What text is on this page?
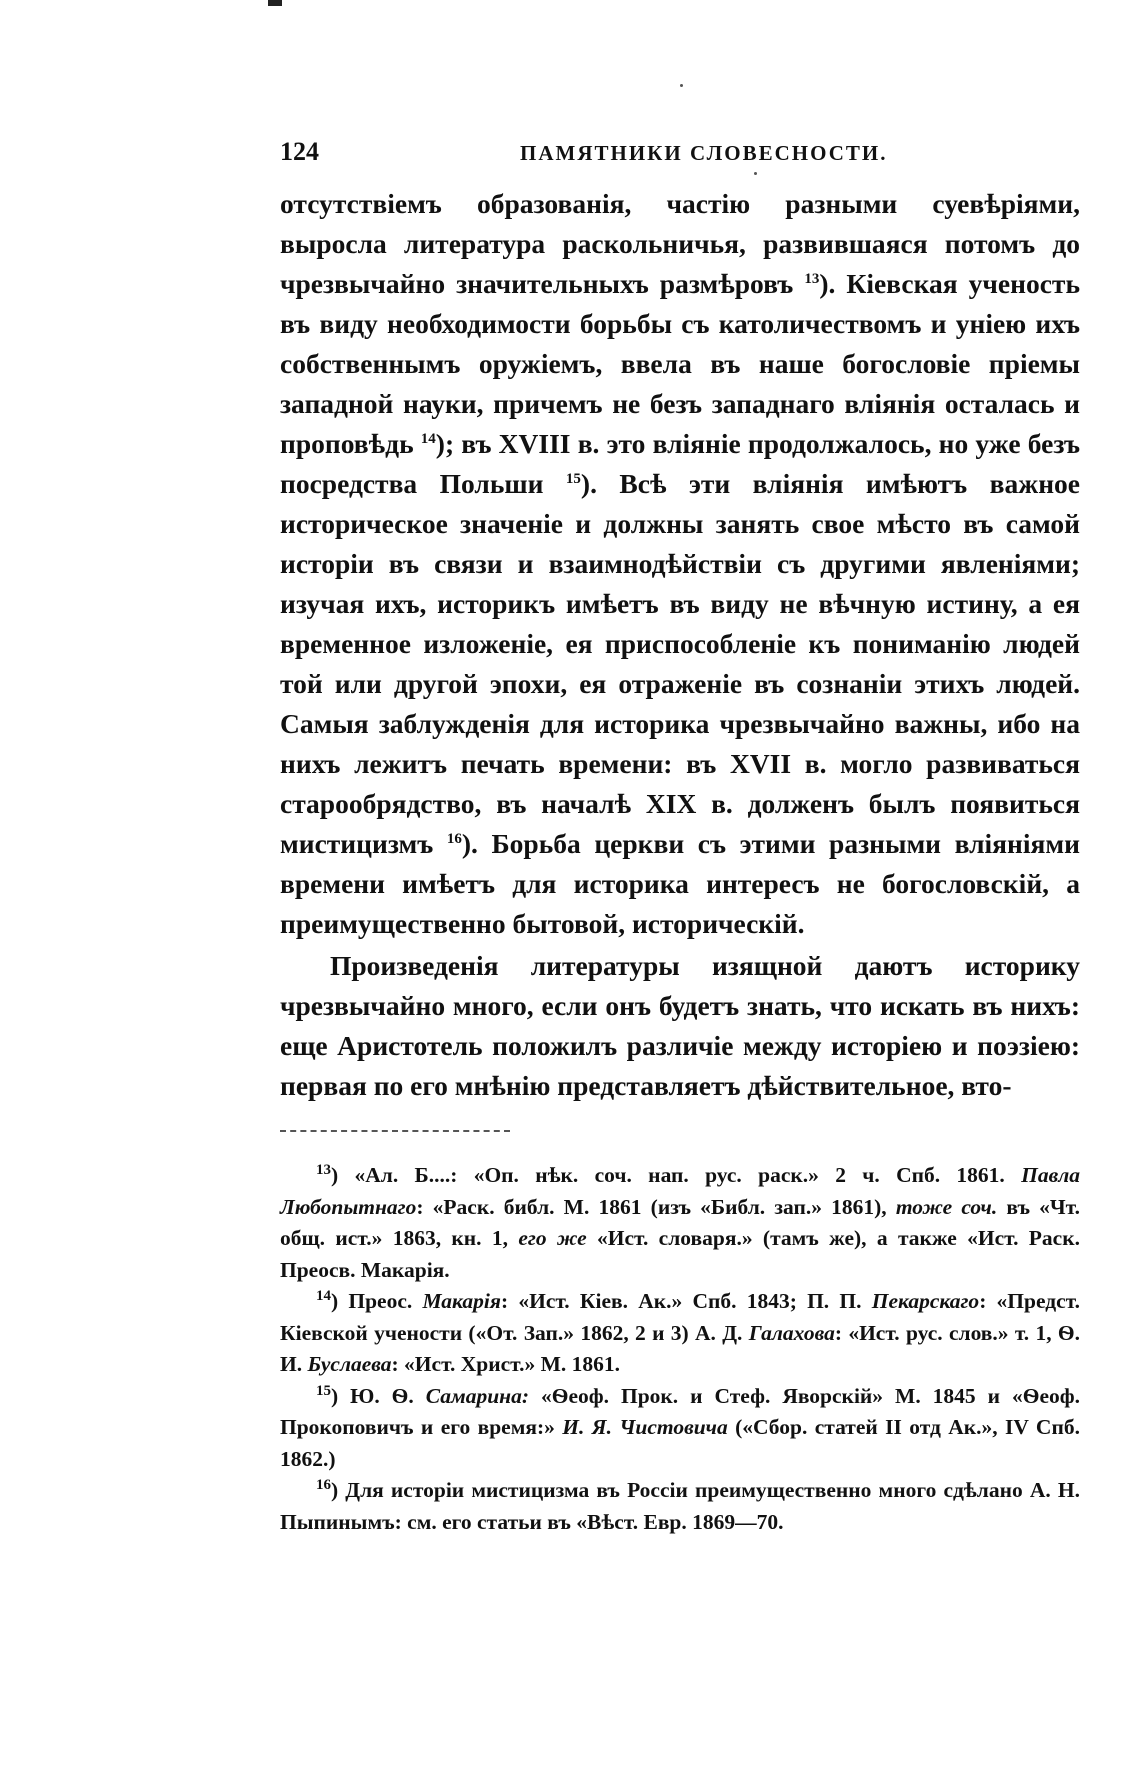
124	ПАМЯТНИКИ СЛОВЕСНОСТИ.

отсутствіемъ образованія, частію разными суевѣріями, выросла литература раскольничья, развившаяся потомъ до чрезвычайно значительныхъ размѣровъ $^{13}$). Кіевская ученость въ виду необходимости борьбы съ католичествомъ и уніею ихъ собственнымъ оружіемъ, ввела въ наше богословіе пріемы западной науки, причемъ не безъ западнаго вліянія осталась и проповѣдь $^{14}$); въ XVIII в. это вліяніе продолжалось, но уже безъ посредства Польши $^{15}$). Всѣ эти вліянія имѣютъ важное историческое значеніе и должны занять свое мѣсто въ самой исторіи въ связи и взаимнодѣйствіи съ другими явленіями; изучая ихъ, историкъ имѣетъ въ виду не вѣчную истину, а ея временное изложеніе, ея приспособленіе къ пониманію людей той или другой эпохи, ея отраженіе въ сознаніи этихъ людей. Самыя заблужденія для историка чрезвычайно важны, ибо на нихъ лежитъ печать времени: въ XVII в. могло развиваться старообрядство, въ началѣ XIX в. долженъ былъ появиться мистицизмъ $^{16}$). Борьба церкви съ этими разными вліяніями времени имѣетъ для историка интересъ не богословскій, а преимущественно бытовой, историческій.

Произведенія литературы изящной даютъ историку чрезвычайно много, если онъ будетъ знать, что искать въ нихъ: еще Аристотель положилъ различіе между исторіею и поэзіею: первая по его мнѣнію представляетъ дѣйствительное, вто-

$^{13}$) «Ал. Б....: «Оп. нѣк. соч. нап. рус. раск.» 2 ч. Спб. 1861. Павла Любопытнаго: «Раск. библ. М. 1861 (изъ «Библ. зап.» 1861), тоже соч. въ «Чт. общ. ист.» 1863, кн. 1, его же «Ист. словаря.» (тамъ же), а также «Ист. Раск. Преосв. Макарія.

$^{14}$) Преос. Макарія: «Ист. Кіев. Ак.» Спб. 1843; П. П. Пекарскаго: «Предст. Кіевской учености («От. Зап.» 1862, 2 и 3) А. Д. Галахова: «Ист. рус. слов.» т. 1, Ѳ. И. Буслаева: «Ист. Христ.» М. 1861.

$^{15}$) Ю. Ѳ. Самарина: «Ѳеоф. Прок. и Стеф. Яворскій» М. 1845 и «Ѳеоф. Прокоповичъ и его время:» И. Я. Чистовича («Сбор. статей II отд Ак.», IV Спб. 1862.)

$^{16}$) Для исторіи мистицизма въ Россіи преимущественно много сдѣлано А. Н. Пыпинымъ: см. его статьи въ «Вѣст. Евр. 1869—70.
